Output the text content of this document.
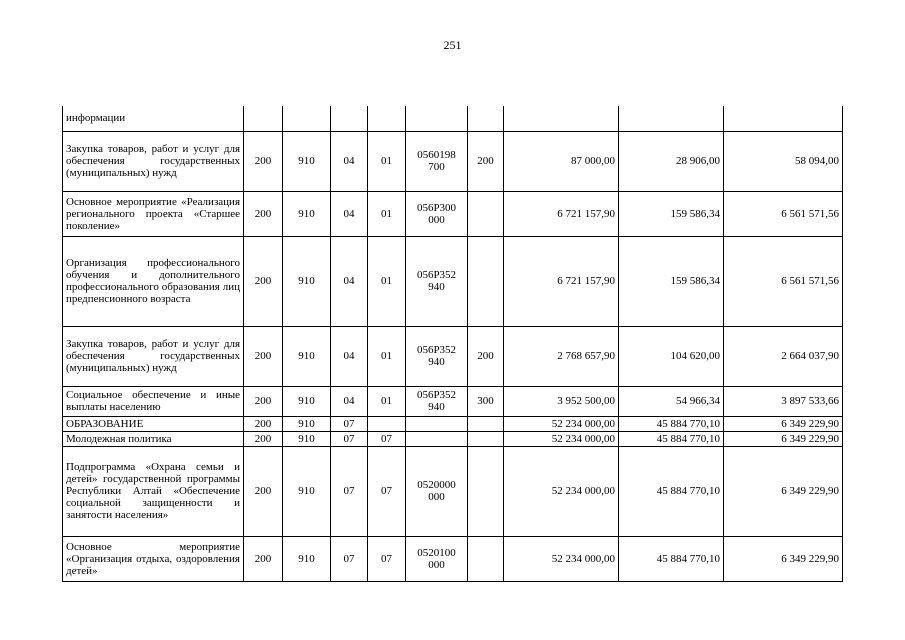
251
информации									
Закупка товаров, работ и услуг для обеспечения государственных (муниципальных) нужд	200	910	04	01	0560198 700	200	87 000,00	28 906,00	58 094,00
Основное мероприятие «Реализация регионального проекта «Старшее поколение»	200	910	04	01	056P300 000		6 721 157,90	159 586,34	6 561 571,56
Организация профессионального обучения и дополнительного профессионального образования лиц предпенсионного возраста	200	910	04	01	056P352 940		6 721 157,90	159 586,34	6 561 571,56
Закупка товаров, работ и услуг для обеспечения государственных (муниципальных) нужд	200	910	04	01	056P352 940	200	2 768 657,90	104 620,00	2 664 037,90
Социальное обеспечение и иные выплаты населению	200	910	04	01	056P352 940	300	3 952 500,00	54 966,34	3 897 533,66
ОБРАЗОВАНИЕ	200	910	07				52 234 000,00	45 884 770,10	6 349 229,90
Молодежная политика	200	910	07	07			52 234 000,00	45 884 770,10	6 349 229,90
Подпрограмма «Охрана семьи и детей» государственной программы Республики Алтай «Обеспечение социальной защищенности и занятости населения»	200	910	07	07	0520000 000		52 234 000,00	45 884 770,10	6 349 229,90
Основное мероприятие «Организация отдыха, оздоровления детей»	200	910	07	07	0520100 000		52 234 000,00	45 884 770,10	6 349 229,90
